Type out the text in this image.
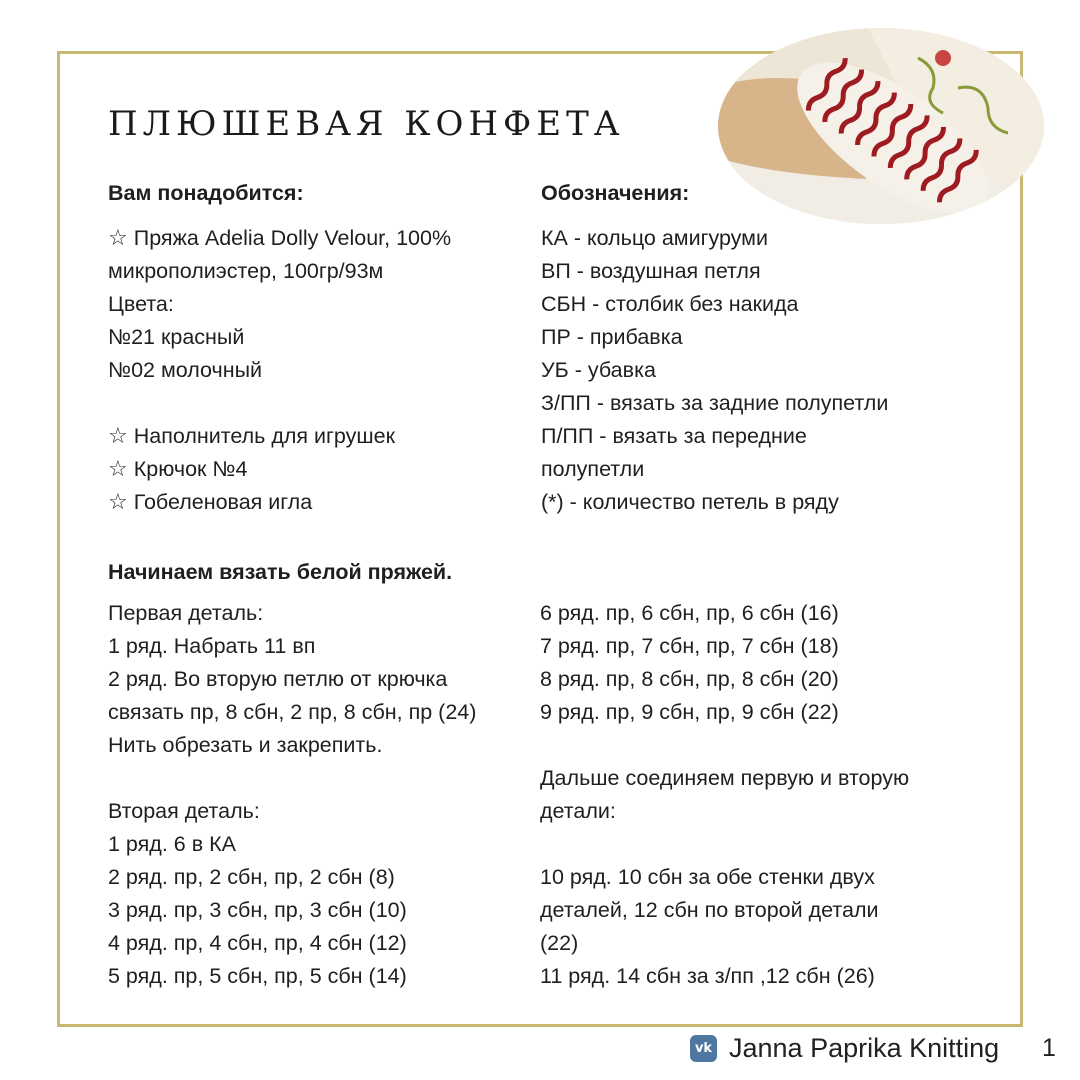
ПЛЮШЕВАЯ КОНФЕТА
Вам понадобится:
☆ Пряжа Adelia Dolly Velour, 100%
микрополиэстер, 100гр/93м
Цвета:
№21 красный
№02 молочный
☆ Наполнитель для игрушек
☆ Крючок №4
☆ Гобеленовая игла
Обозначения:
КА - кольцо амигуруми
ВП - воздушная петля
СБН - столбик без накида
ПР - прибавка
УБ - убавка
З/ПП - вязать за задние полупетли
П/ПП - вязать за передние
полупетли
(*) - количество петель в ряду
Начинаем вязать белой пряжей.
Первая деталь:
1 ряд. Набрать 11 вп
2 ряд. Во вторую петлю от крючка
связать пр, 8 сбн, 2 пр, 8 сбн, пр (24)
Нить обрезать и закрепить.
Вторая деталь:
1 ряд. 6 в КА
2 ряд. пр, 2 сбн, пр, 2 сбн (8)
3 ряд. пр, 3 сбн, пр, 3 сбн (10)
4 ряд. пр, 4 сбн, пр, 4 сбн (12)
5 ряд. пр, 5 сбн, пр, 5 сбн (14)
6 ряд. пр, 6 сбн, пр, 6 сбн (16)
7 ряд. пр, 7 сбн, пр, 7 сбн (18)
8 ряд. пр, 8 сбн, пр, 8 сбн (20)
9 ряд. пр, 9 сбн, пр, 9 сбн (22)
Дальше соединяем первую и вторую
детали:
10 ряд. 10 сбн за обе стенки двух
деталей, 12 сбн по второй детали
(22)
11 ряд. 14 сбн за з/пп ,12 сбн (26)
vk Janna Paprika Knitting 1
